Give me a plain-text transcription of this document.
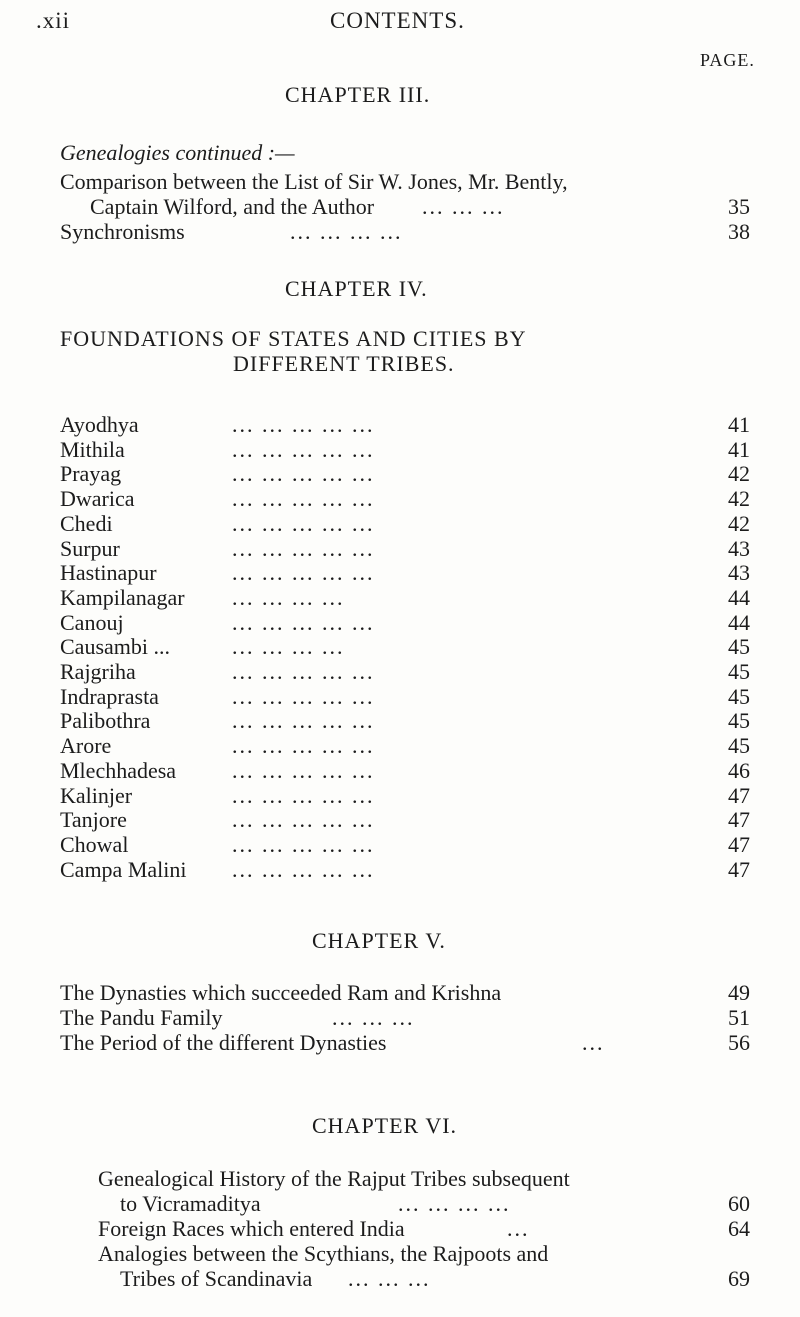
.xii	CONTENTS.
PAGE.
CHAPTER III.
Genealogies continued :—
Comparison between the List of Sir W. Jones, Mr. Bently,
Captain Wilford, and the Author ... ... ...	35
Synchronisms	... ... ... ...	38
CHAPTER IV.
FOUNDATIONS OF STATES AND CITIES BY
DIFFERENT TRIBES.
Ayodhya	... ... ... ... ...	41
Mithila	... ... ... ... ...	41
Prayag	... ... ... ... ...	42
Dwarica	... ... ... ... ...	42
Chedi	... ... ... ... ...	42
Surpur	... ... ... ... ...	43
Hastinapur	... ... ... ... ...	43
Kampilanagar ... ... ... ...	44
Canouj	... ... ... ... ...	44
Causambi ...	... ... ... ...	45
Rajgriha	... ... ... ... ...	45
Indraprasta	... ... ... ... ...	45
Palibothra	... ... ... ... ...	45
Arore	... ... ... ... ...	45
Mlechhadesa	... ... ... ... ...	46
Kalinjer	... ... ... ... ...	47
Tanjore	... ... ... ... ...	47
Chowal	... ... ... ... ...	47
Campa Malini ... ... ... ... ...	47
CHAPTER V.
The Dynasties which succeeded Ram and Krishna	49
The Pandu Family	... ... ...	51
The Period of the different Dynasties	...	56
CHAPTER VI.
Genealogical History of the Rajput Tribes subsequent
to Vicramaditya	... ... ... ...	60
Foreign Races which entered India	...	64
Analogies between the Scythians, the Rajpoots and
Tribes of Scandinavia ... ... ...	69
